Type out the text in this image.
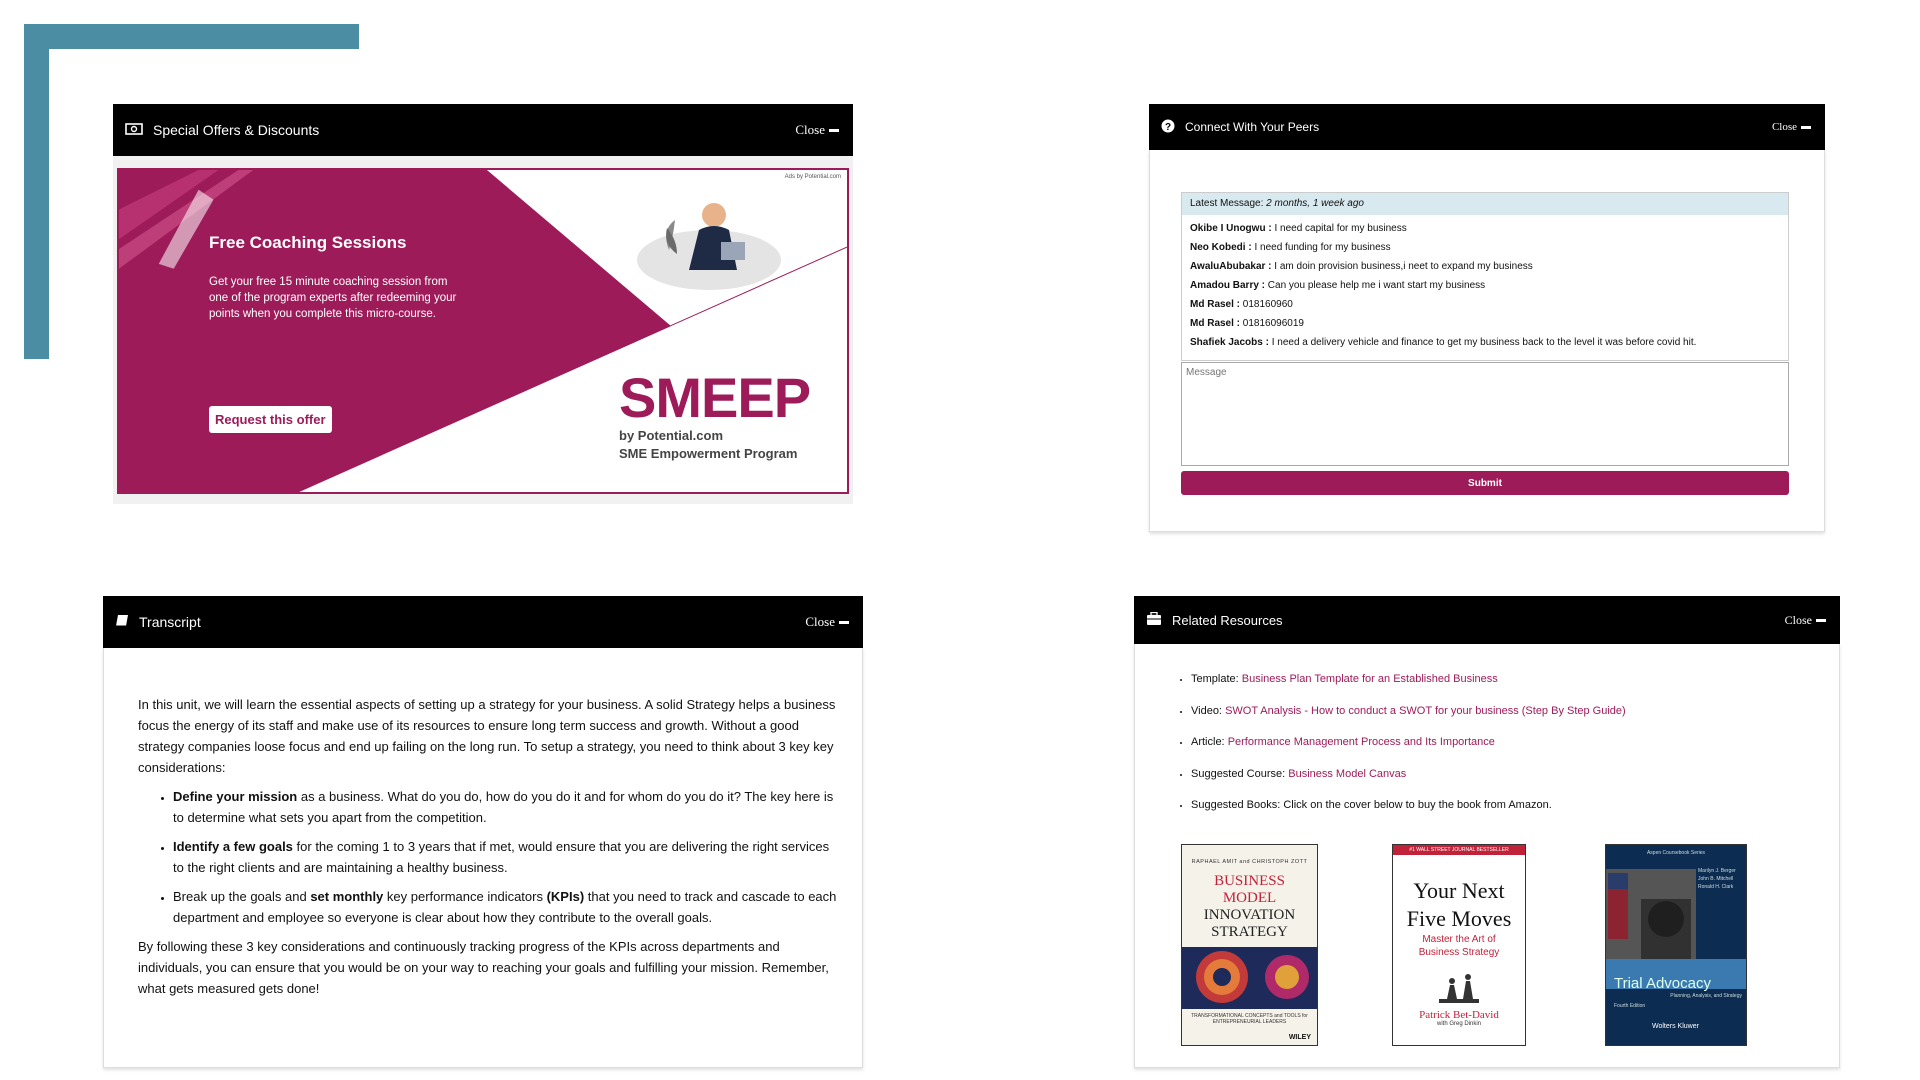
Special Offers & Discounts	Close
Ads by Potential.com
Free Coaching Sessions
Get your free 15 minute coaching session from one of the program experts after redeeming your points when you complete this micro-course.
Request this offer	SMEEP
by Potential.com
SME Empowerment Program
? Connect With Your Peers	Close
Latest Message: 2 months, 1 week ago
Okibe I Unogwu : I need capital for my business
Neo Kobedi : I need funding for my business
AwaluAbubakar : I am doin provision business,i neet to expand my business
Amadou Barry : Can you please help me i want start my business
Md Rasel : 018160960
Md Rasel : 01816096019
Shafiek Jacobs : I need a delivery vehicle and finance to get my business back to the level it was before covid hit.
Message
Submit
Transcript	Close

In this unit, we will learn the essential aspects of setting up a strategy for your business. A solid Strategy helps a business focus the energy of its staff and make use of its resources to ensure long term success and growth. Without a good strategy companies loose focus and end up failing on the long run. To setup a strategy, you need to think about 3 key key considerations:

• Define your mission as a business. What do you do, how do you do it and for whom do you do it? The key here is to determine what sets you apart from the competition.
• Identify a few goals for the coming 1 to 3 years that if met, would ensure that you are delivering the right services to the right clients and are maintaining a healthy business.
• Break up the goals and set monthly key performance indicators (KPIs) that you need to track and cascade to each department and employee so everyone is clear about how they contribute to the overall goals.

By following these 3 key considerations and continuously tracking progress of the KPIs across departments and individuals, you can ensure that you would be on your way to reaching your goals and fulfilling your mission. Remember, what gets measured gets done!

Related Resources	Close
• Template: Business Plan Template for an Established Business
• Video: SWOT Analysis - How to conduct a SWOT for your business (Step By Step Guide)
• Article: Performance Management Process and Its Importance
• Suggested Course: Business Model Canvas
• Suggested Books: Click on the cover below to buy the book from Amazon.
RAPHAEL AMIT and CHRISTOPH ZOTT
BUSINESS
MODEL
INNOVATION
STRATEGY
TRANSFORMATIONAL CONCEPTS and TOOLS for ENTREPRENEURIAL LEADERS
WILEY
#1 WALL STREET JOURNAL BESTSELLER
Your Next
Five Moves
Master the Art of Business Strategy
Patrick Bet-David
with Greg Dinkin
Aspen Coursebook Series
Marilyn J. Berger John B. Mitchell Ronald H. Clark
Trial Advocacy
Planning, Analysis, and Strategy
Fourth Edition
Wolters Kluwer
